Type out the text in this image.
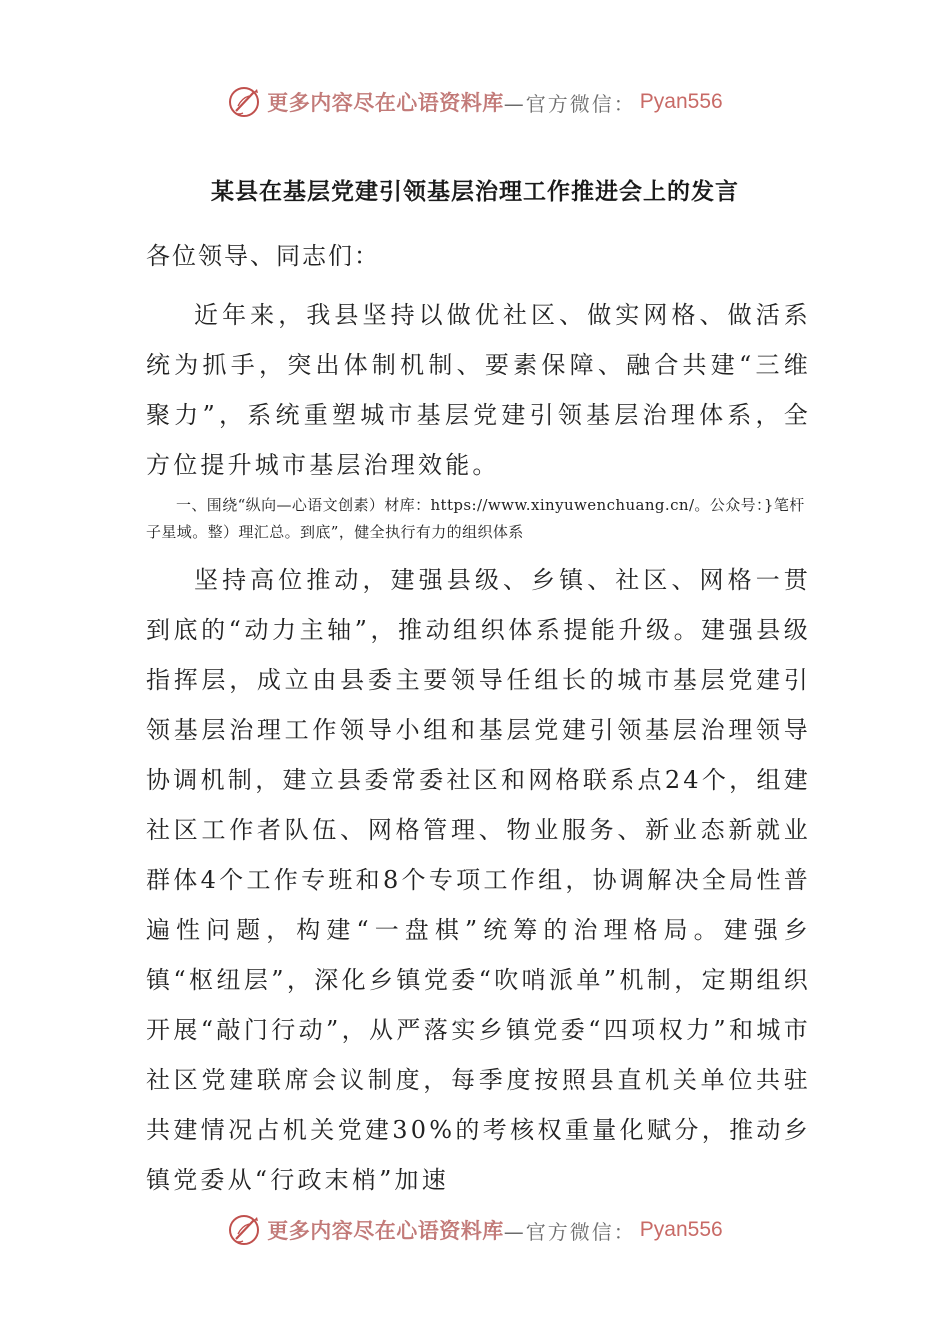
更多内容尽在心语资料库 —官方微信： Pyan556
某县在基层党建引领基层治理工作推进会上的发言
各位领导、同志们：

近年来，我县坚持以做优社区、做实网格、做活系统为抓手，突出体制机制、要素保障、融合共建“三维聚力”，系统重塑城市基层党建引领基层治理体系，全方位提升城市基层治理效能。

一、围绕“纵向—心语文创素）材库：https://www.xinyuwenchuang.cn/。公众号：}笔杆子星域。整）理汇总。到底”，健全执行有力的组织体系

坚持高位推动，建强县级、乡镇、社区、网格一贯到底的“动力主轴”，推动组织体系提能升级。建强县级指挥层，成立由县委主要领导任组长的城市基层党建引领基层治理工作领导小组和基层党建引领基层治理领导协调机制，建立县委常委社区和网格联系点24个，组建社区工作者队伍、网格管理、物业服务、新业态新就业群体4个工作专班和8个专项工作组，协调解决全局性普遍性问题，构建“一盘棋”统筹的治理格局。建强乡镇“枢纽层”，深化乡镇党委“吹哨派单”机制，定期组织开展“敲门行动”，从严落实乡镇党委“四项权力”和城市社区党建联席会议制度，每季度按照县直机关单位共驻共建情况占机关党建30%的考核权重量化赋分，推动乡镇党委从“行政末梢”加速

更多内容尽在心语资料库 —官方微信： Pyan556
